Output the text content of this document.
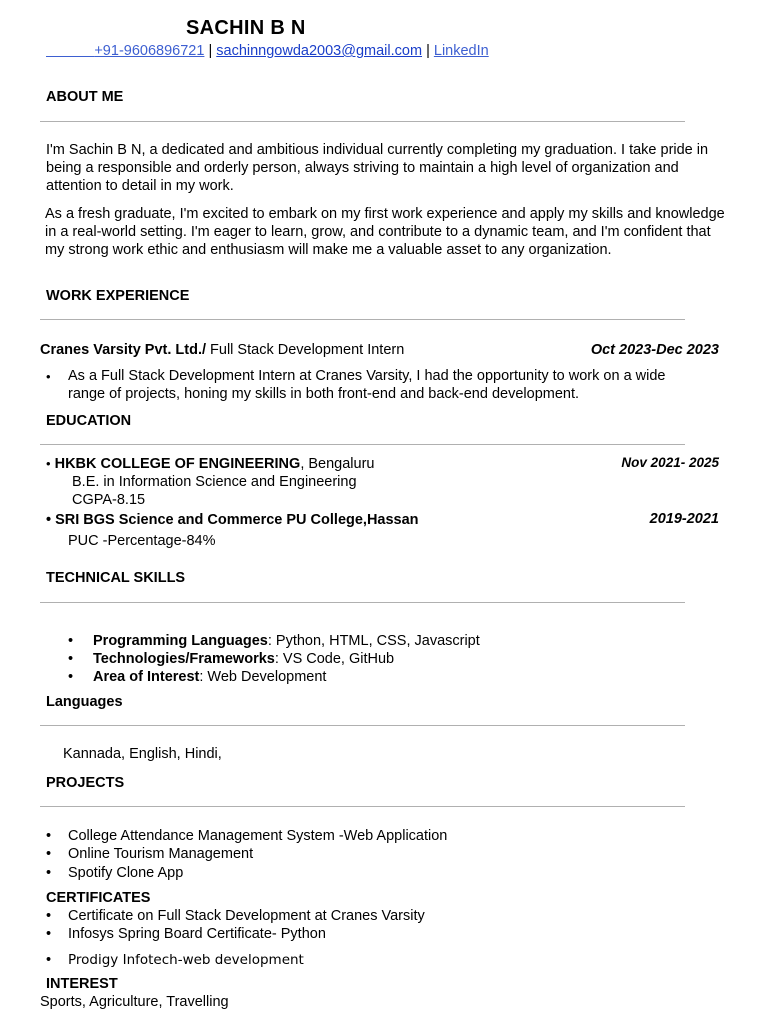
SACHIN B N
+91-9606896721 | sachinngowda2003@gmail.com | LinkedIn
ABOUT ME
I'm Sachin B N, a dedicated and ambitious individual currently completing my graduation. I take pride in being a responsible and orderly person, always striving to maintain a high level of organization and attention to detail in my work.
As a fresh graduate, I'm excited to embark on my first work experience and apply my skills and knowledge in a real-world setting. I'm eager to learn, grow, and contribute to a dynamic team, and I'm confident that my strong work ethic and enthusiasm will make me a valuable asset to any organization.
WORK EXPERIENCE
Cranes Varsity Pvt. Ltd./ Full Stack Development Intern	Oct 2023-Dec 2023
• As a Full Stack Development Intern at Cranes Varsity, I had the opportunity to work on a wide
range of projects, honing my skills in both front-end and back-end development.
EDUCATION
• HKBK COLLEGE OF ENGINEERING, Bengaluru	Nov 2021- 2025
B.E. in Information Science and Engineering
CGPA-8.15
• SRI BGS Science and Commerce PU College,Hassan	2019-2021
PUC -Percentage-84%
TECHNICAL SKILLS
• Programming Languages: Python, HTML, CSS, Javascript
• Technologies/Frameworks: VS Code, GitHub
• Area of Interest: Web Development
Languages
Kannada, English, Hindi,
PROJECTS
• College Attendance Management System -Web Application
• Online Tourism Management
• Spotify Clone App
CERTIFICATES
• Certificate on Full Stack Development at Cranes Varsity
• Infosys Spring Board Certificate- Python
• Prodigy Infotech-web development
INTEREST
Sports, Agriculture, Travelling
